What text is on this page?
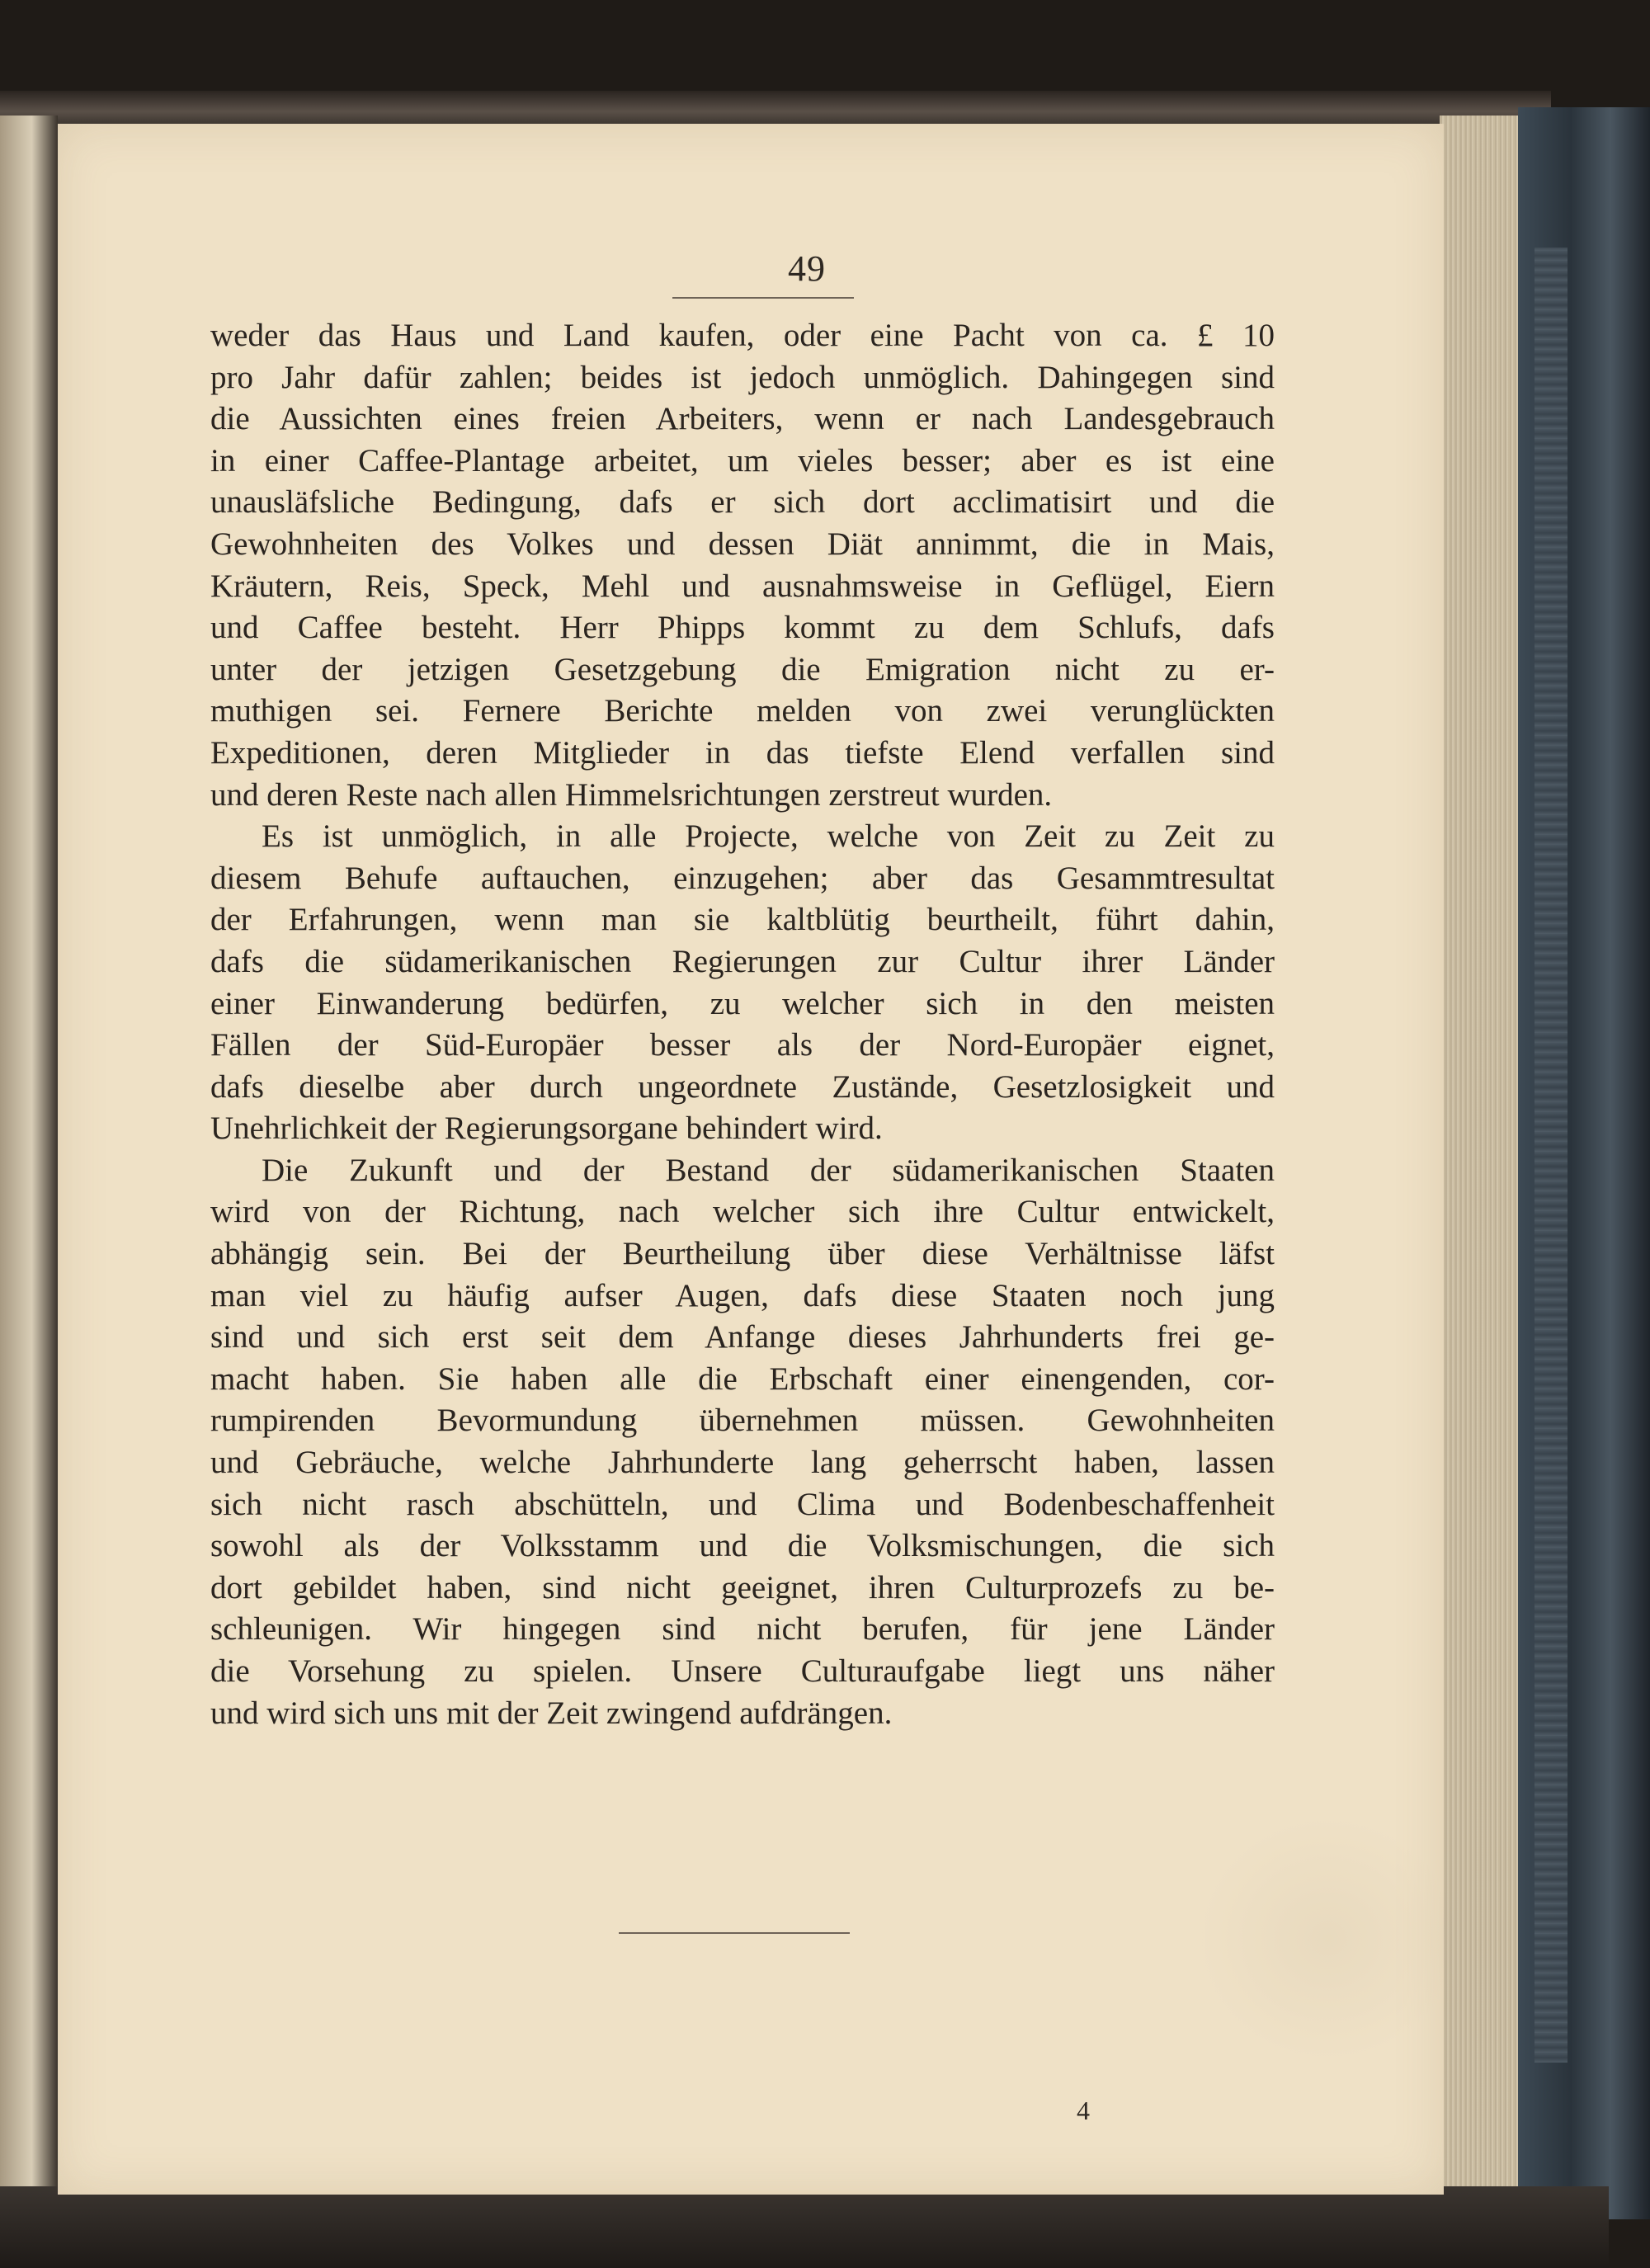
49
weder das Haus und Land kaufen, oder eine Pacht von ca. £ 10
pro Jahr dafür zahlen; beides ist jedoch unmöglich. Dahingegen sind
die Aussichten eines freien Arbeiters, wenn er nach Landesgebrauch
in einer Caffee-Plantage arbeitet, um vieles besser; aber es ist eine
unausläfsliche Bedingung, dafs er sich dort acclimatisirt und die
Gewohnheiten des Volkes und dessen Diät annimmt, die in Mais,
Kräutern, Reis, Speck, Mehl und ausnahmsweise in Geflügel, Eiern
und Caffee besteht. Herr Phipps kommt zu dem Schlufs, dafs
unter der jetzigen Gesetzgebung die Emigration nicht zu er-
muthigen sei. Fernere Berichte melden von zwei verunglückten
Expeditionen, deren Mitglieder in das tiefste Elend verfallen sind
und deren Reste nach allen Himmelsrichtungen zerstreut wurden.
Es ist unmöglich, in alle Projecte, welche von Zeit zu Zeit zu
diesem Behufe auftauchen, einzugehen; aber das Gesammtresultat
der Erfahrungen, wenn man sie kaltblütig beurtheilt, führt dahin,
dafs die südamerikanischen Regierungen zur Cultur ihrer Länder
einer Einwanderung bedürfen, zu welcher sich in den meisten
Fällen der Süd-Europäer besser als der Nord-Europäer eignet,
dafs dieselbe aber durch ungeordnete Zustände, Gesetzlosigkeit und
Unehrlichkeit der Regierungsorgane behindert wird.
Die Zukunft und der Bestand der südamerikanischen Staaten
wird von der Richtung, nach welcher sich ihre Cultur entwickelt,
abhängig sein. Bei der Beurtheilung über diese Verhältnisse läfst
man viel zu häufig aufser Augen, dafs diese Staaten noch jung
sind und sich erst seit dem Anfange dieses Jahrhunderts frei ge-
macht haben. Sie haben alle die Erbschaft einer einengenden, cor-
rumpirenden Bevormundung übernehmen müssen. Gewohnheiten
und Gebräuche, welche Jahrhunderte lang geherrscht haben, lassen
sich nicht rasch abschütteln, und Clima und Bodenbeschaffenheit
sowohl als der Volksstamm und die Volksmischungen, die sich
dort gebildet haben, sind nicht geeignet, ihren Culturprozefs zu be-
schleunigen. Wir hingegen sind nicht berufen, für jene Länder
die Vorsehung zu spielen. Unsere Culturaufgabe liegt uns näher
und wird sich uns mit der Zeit zwingend aufdrängen.
4
